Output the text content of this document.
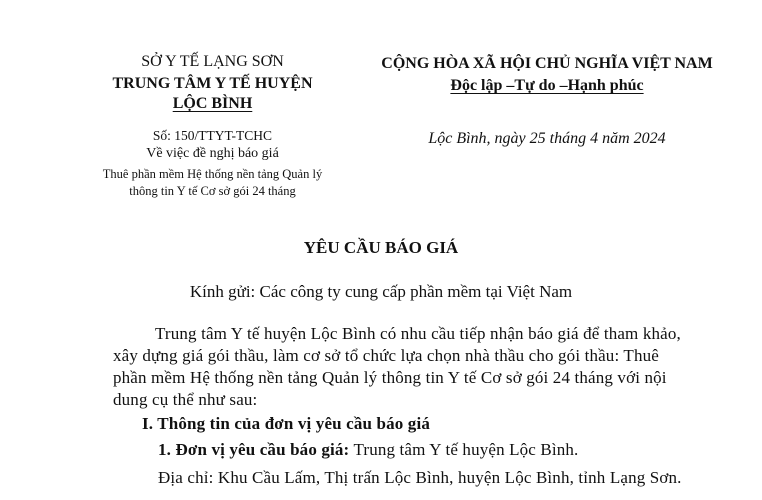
SỞ Y TẾ LẠNG SƠN
TRUNG TÂM Y TẾ HUYỆN
LỘC BÌNH
Số: 150/TTYT-TCHC
Về việc đề nghị báo giá
Thuê phần mềm Hệ thống nền tảng Quản lý
thông tin Y tế Cơ sở gói 24 tháng
CỘNG HÒA XÃ HỘI CHỦ NGHĨA VIỆT NAM
Độc lập –Tự do –Hạnh phúc
Lộc Bình, ngày 25 tháng 4 năm 2024
YÊU CẦU BÁO GIÁ
Kính gửi: Các công ty cung cấp phần mềm tại Việt Nam
Trung tâm Y tế huyện Lộc Bình có nhu cầu tiếp nhận báo giá để tham khảo,
xây dựng giá gói thầu, làm cơ sở tổ chức lựa chọn nhà thầu cho gói thầu: Thuê
phần mềm Hệ thống nền tảng Quản lý thông tin Y tế Cơ sở gói 24 tháng với nội
dung cụ thể như sau:
I. Thông tin của đơn vị yêu cầu báo giá
1. Đơn vị yêu cầu báo giá: Trung tâm Y tế huyện Lộc Bình.
Địa chỉ: Khu Cầu Lấm, Thị trấn Lộc Bình, huyện Lộc Bình, tỉnh Lạng Sơn.
